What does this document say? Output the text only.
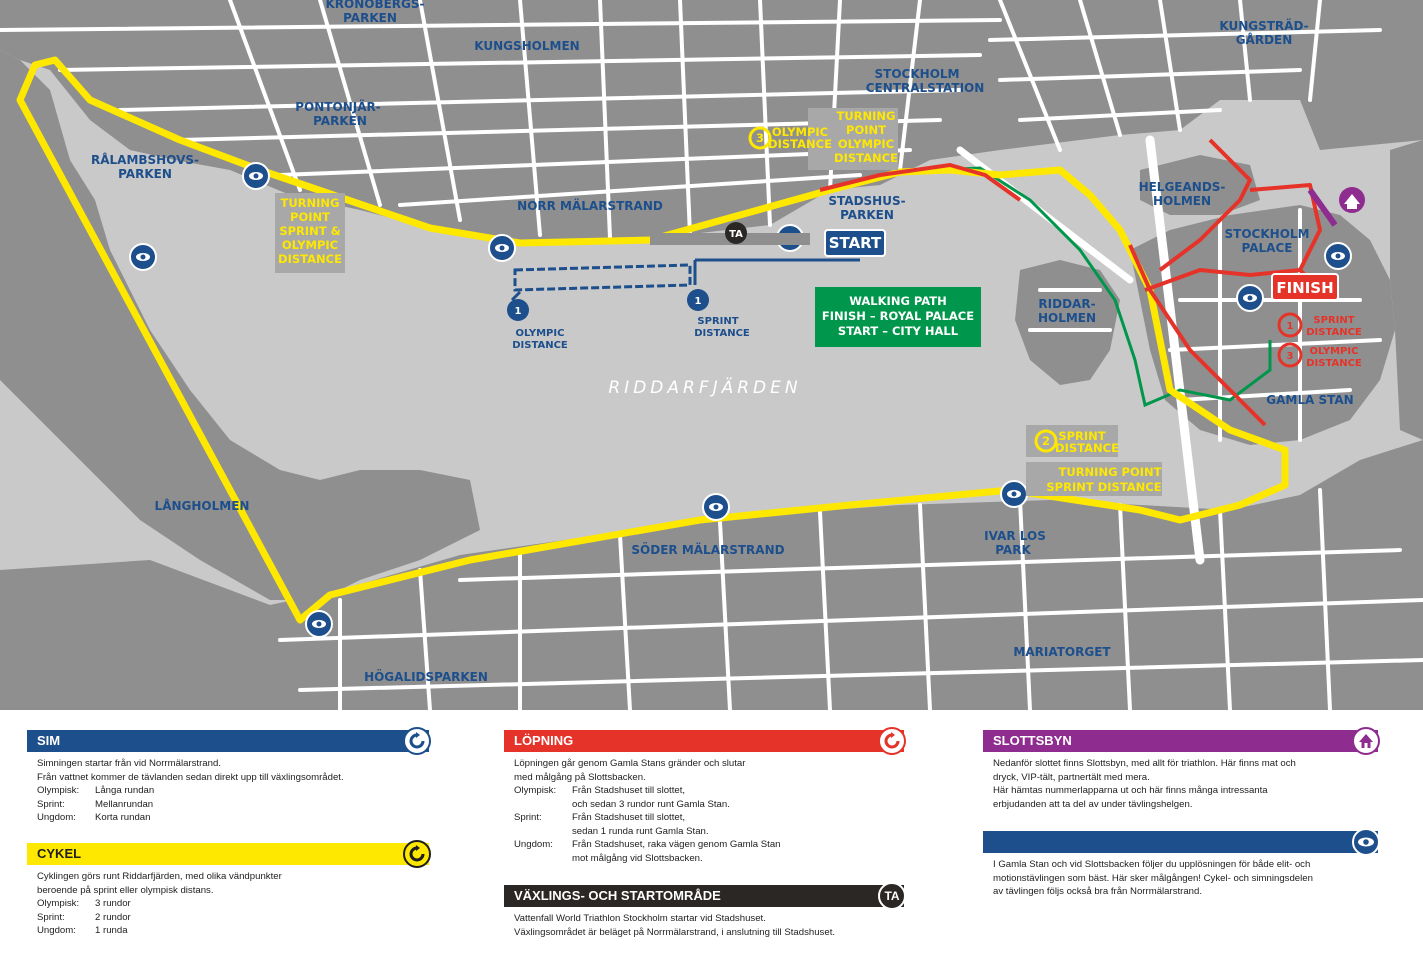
KRONOBERGS-
PARKEN
KUNGSHOLMEN
KUNGSTRÄD-
GÅRDEN
STOCKHOLM
CENTRALSTATION
PONTONJÄR-
PARKEN
RÅLAMBSHOVS-
PARKEN
NORR MÄLARSTRAND	STADSHUS-
PARKEN
HELGEANDS-
HOLMEN
STOCKHOLM
PALACE
RIDDAR-
HOLMEN
RIDDARFJÄRDEN
GAMLA STAN
LÅNGHOLMEN
SÖDER MÄLARSTRAND
IVAR LOS
PARK
MARIATORGET
HÖGALIDSPARKEN
TURNING
POINT
OLYMPIC
DISTANCE
3 OLYMPIC
DISTANCE
TURNING
POINT
SPRINT &
OLYMPIC
DISTANCE
TA	START
1
OLYMPIC
DISTANCE
1
SPRINT
DISTANCE
WALKING PATH
FINISH – ROYAL PALACE
START – CITY HALL
FINISH
1
SPRINT
DISTANCE
3 OLYMPIC
DISTANCE
2 SPRINT
DISTANCE
TURNING POINT
SPRINT DISTANCE
SIM

Simningen startar från vid Norrmälarstrand.

Från vattnet kommer de tävlanden sedan direkt upp till växlingsområdet.

Olympisk:	Långa rundan
Sprint:	Mellanrundan
Ungdom:	Korta rundan
CYKEL

Cyklingen görs runt Riddarfjärden, med olika vändpunkter

beroende på sprint eller olympisk distans.

Olympisk:	3 rundor
Sprint:	2 rundor
Ungdom:	1 runda
LÖPNING

Löpningen går genom Gamla Stans gränder och slutar

med målgång på Slottsbacken.

Olympisk:	Från Stadshuset till slottet,
och sedan 3 rundor runt Gamla Stan.
Sprint:	Från Stadshuset till slottet,
sedan 1 runda runt Gamla Stan.
Ungdom:	Från Stadshuset, raka vägen genom Gamla Stan
mot målgång vid Slottsbacken.
VÄXLINGS- OCH STARTOMRÅDE	TA

Vattenfall World Triathlon Stockholm startar vid Stadshuset.

Växlingsområdet är beläget på Norrmälarstrand, i anslutning till Stadshuset.

SLOTTSBYN

Nedanför slottet finns Slottsbyn, med allt för triathlon. Här finns mat och

dryck, VIP-tält, partnertält med mera.

Här hämtas nummerlapparna ut och här finns många intressanta

erbjudanden att ta del av under tävlingshelgen.

I Gamla Stan och vid Slottsbacken följer du upplösningen för både elit- och

motionstävlingen som bäst. Här sker målgången! Cykel- och simningsdelen

av tävlingen följs också bra från Norrmälarstrand.
